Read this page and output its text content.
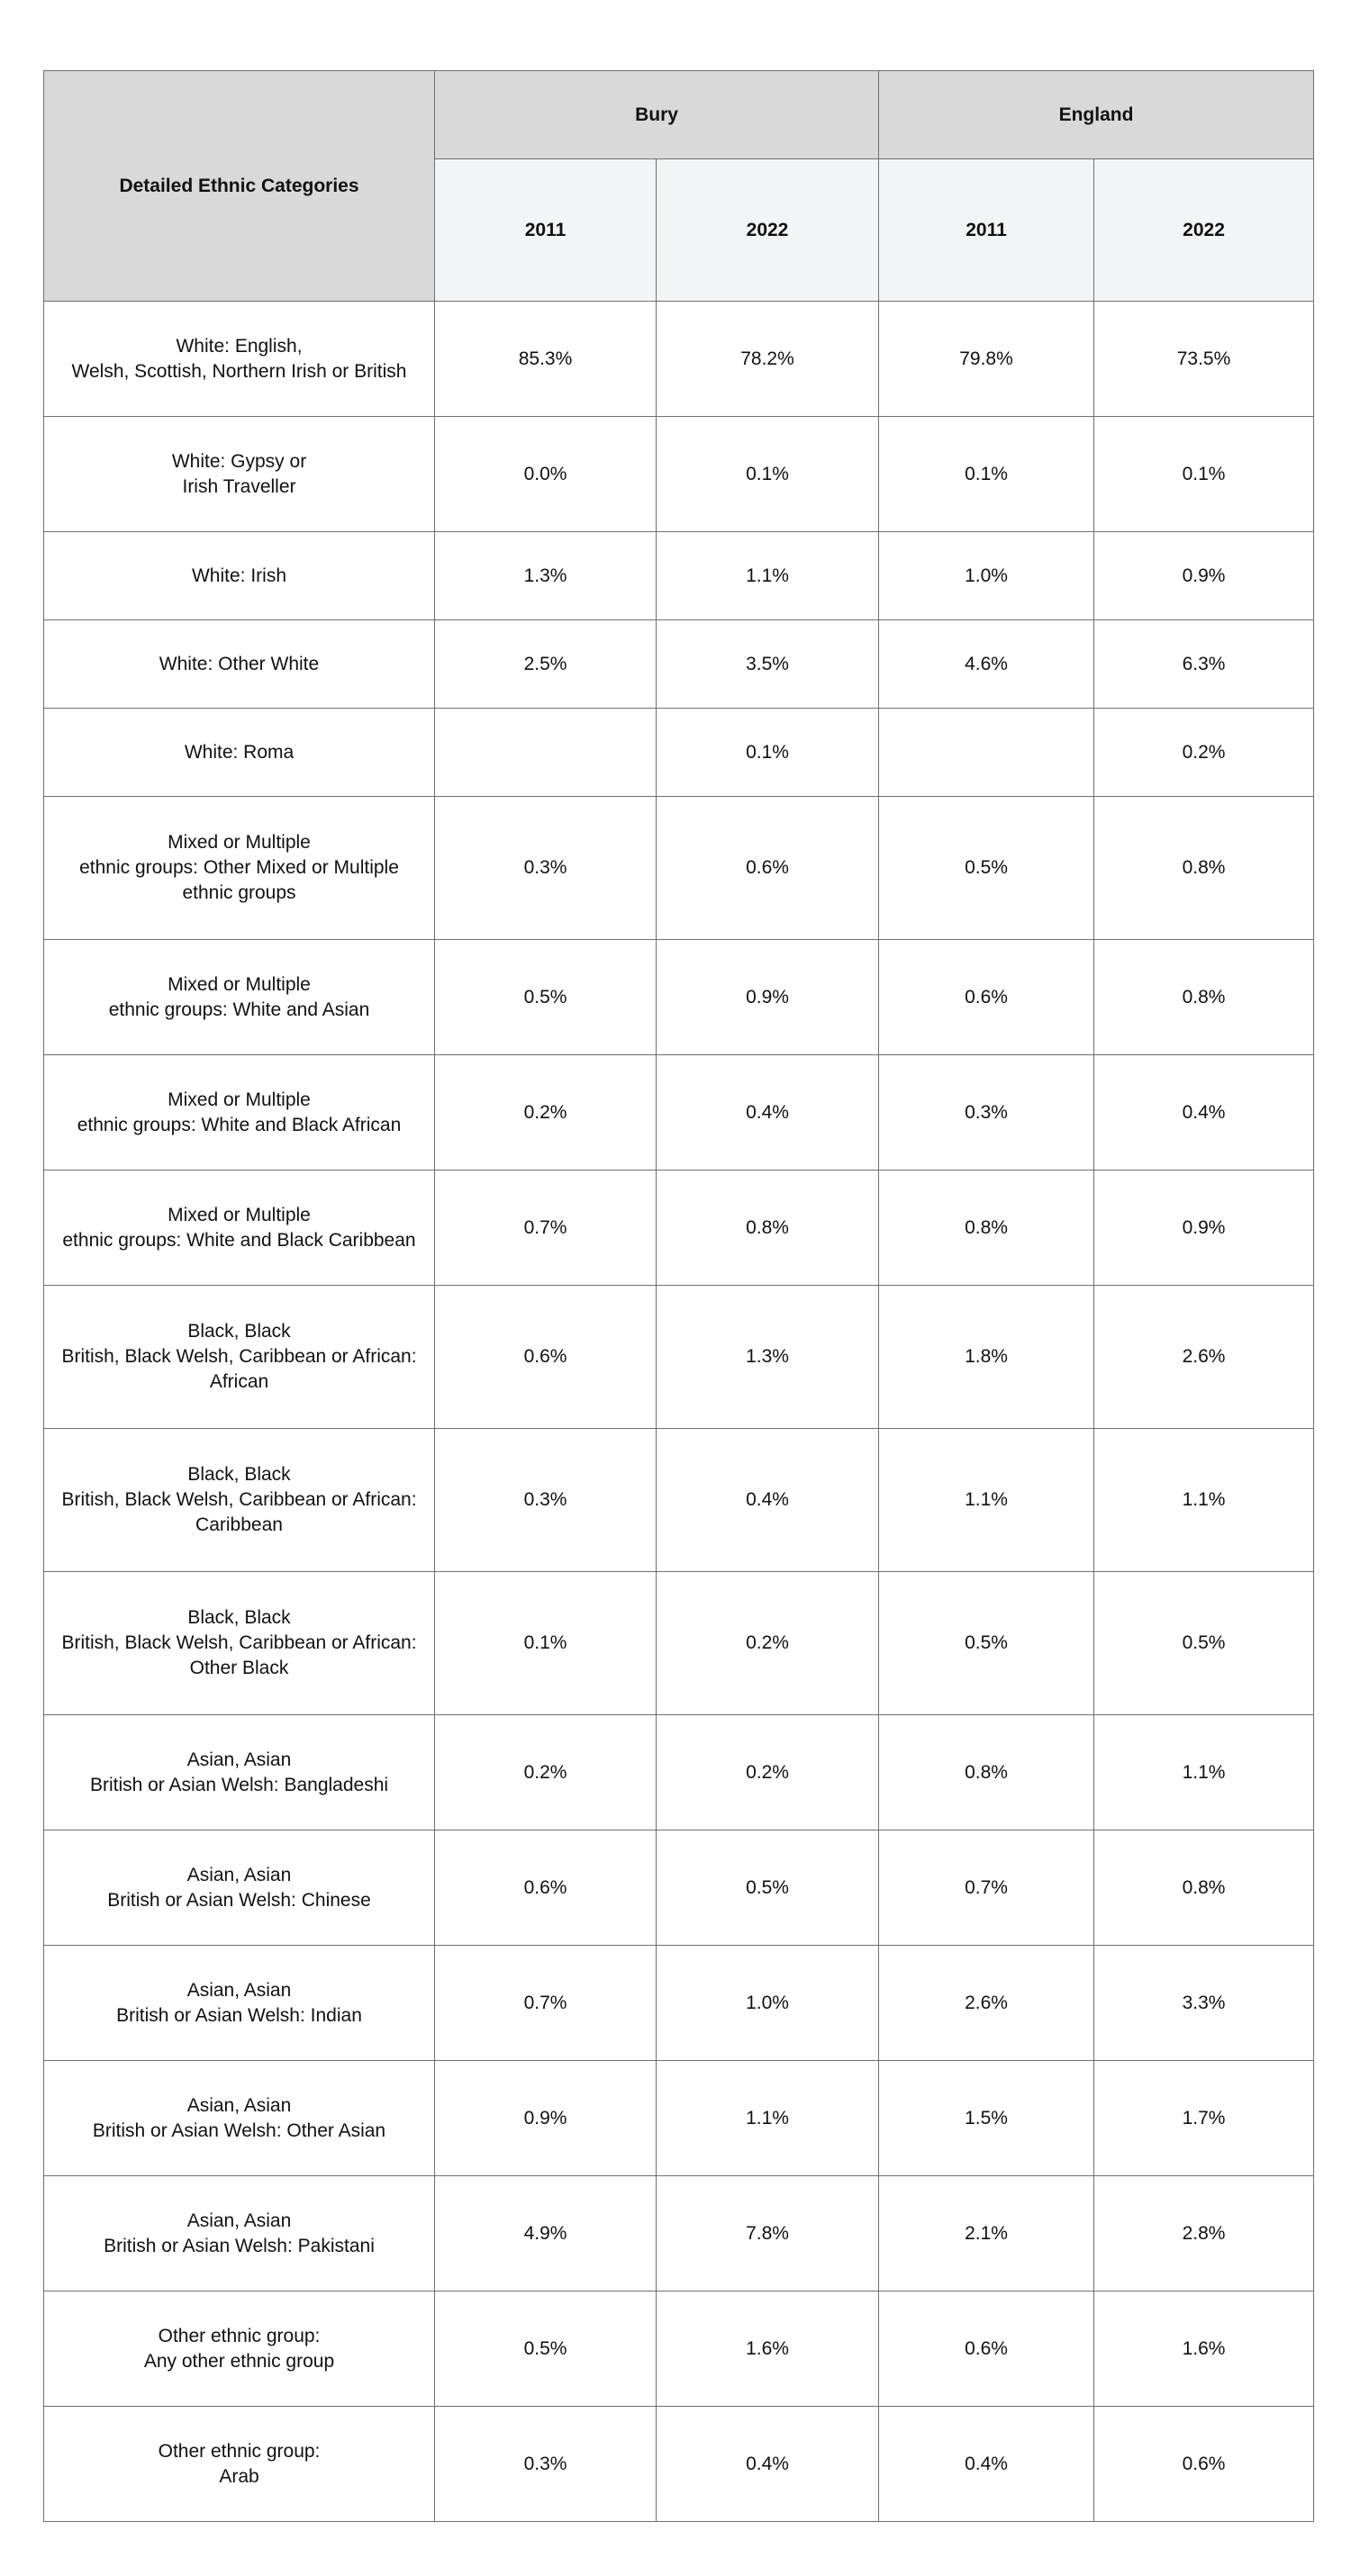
Detailed Ethnic Categories	Bury		England	
	2011	2022	2011	2022
White: English,
Welsh, Scottish, Northern Irish or British	85.3%	78.2%	79.8%	73.5%
White: Gypsy or
Irish Traveller	0.0%	0.1%	0.1%	0.1%
White: Irish	1.3%	1.1%	1.0%	0.9%
White: Other White	2.5%	3.5%	4.6%	6.3%
White: Roma		0.1%		0.2%
Mixed or Multiple
ethnic groups: Other Mixed or Multiple
ethnic groups	0.3%	0.6%	0.5%	0.8%
Mixed or Multiple
ethnic groups: White and Asian	0.5%	0.9%	0.6%	0.8%
Mixed or Multiple
ethnic groups: White and Black African	0.2%	0.4%	0.3%	0.4%
Mixed or Multiple
ethnic groups: White and Black Caribbean	0.7%	0.8%	0.8%	0.9%
Black, Black
British, Black Welsh, Caribbean or African:
African	0.6%	1.3%	1.8%	2.6%
Black, Black
British, Black Welsh, Caribbean or African:
Caribbean	0.3%	0.4%	1.1%	1.1%
Black, Black
British, Black Welsh, Caribbean or African:
Other Black	0.1%	0.2%	0.5%	0.5%
Asian, Asian
British or Asian Welsh: Bangladeshi	0.2%	0.2%	0.8%	1.1%
Asian, Asian
British or Asian Welsh: Chinese	0.6%	0.5%	0.7%	0.8%
Asian, Asian
British or Asian Welsh: Indian	0.7%	1.0%	2.6%	3.3%
Asian, Asian
British or Asian Welsh: Other Asian	0.9%	1.1%	1.5%	1.7%
Asian, Asian
British or Asian Welsh: Pakistani	4.9%	7.8%	2.1%	2.8%
Other ethnic group:
Any other ethnic group	0.5%	1.6%	0.6%	1.6%
Other ethnic group:
Arab	0.3%	0.4%	0.4%	0.6%
